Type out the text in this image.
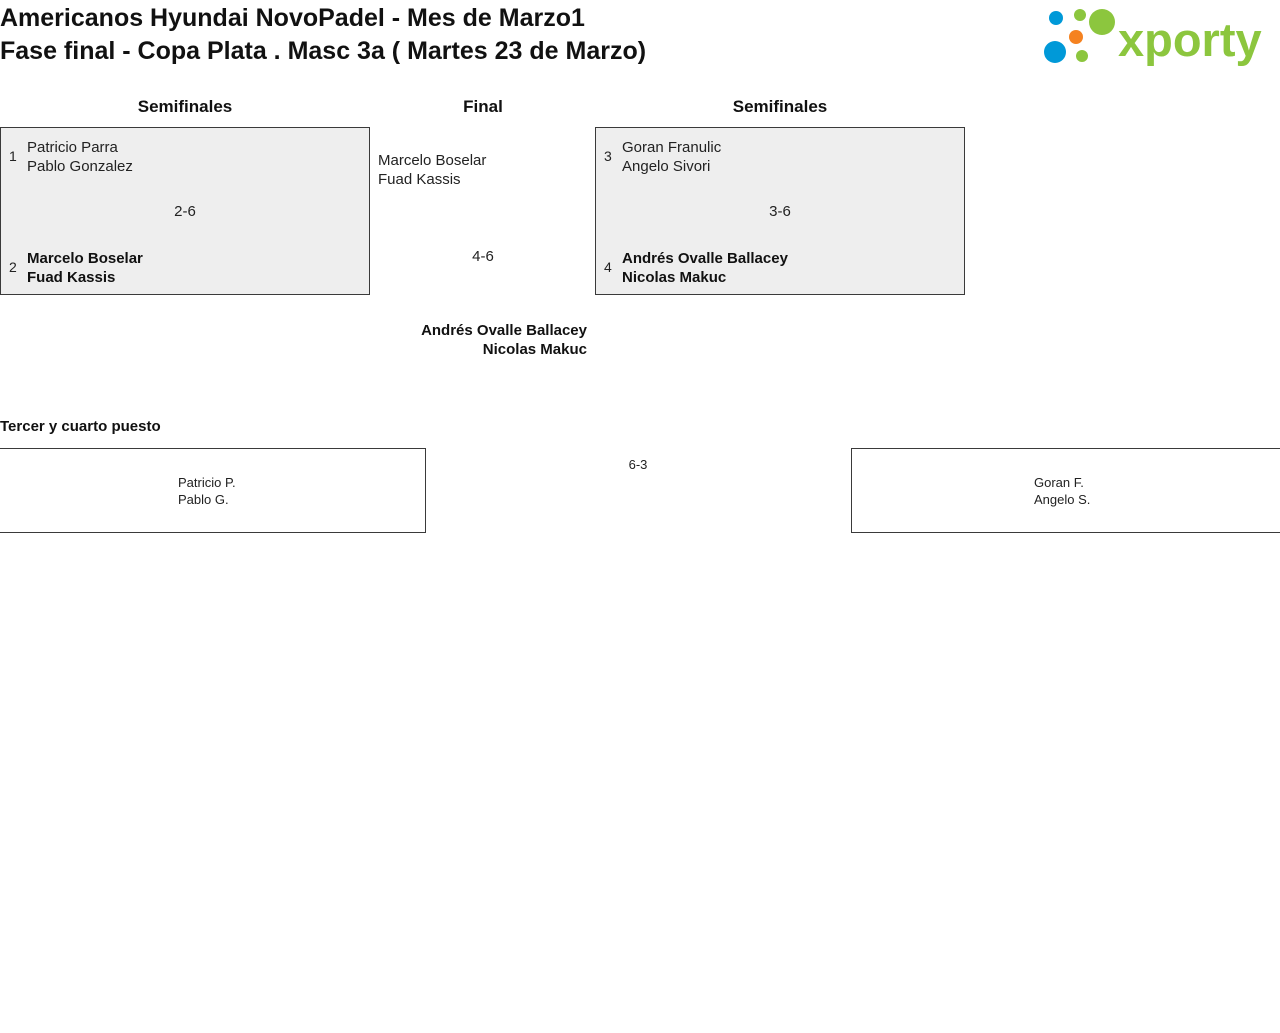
Americanos Hyundai NovoPadel - Mes de Marzo1
Fase final - Copa Plata . Masc 3a ( Martes 23 de Marzo)	xporty
Semifinales	Final	Semifinales
1 Patricio Parra
Pablo Gonzalez
2-6
2 Marcelo Boselar
Fuad Kassis
3 Goran Franulic
Angelo Sivori
3-6
4 Andrés Ovalle Ballacey
Nicolas Makuc
Marcelo Boselar
Fuad Kassis
4-6
Andrés Ovalle Ballacey
Nicolas Makuc
Tercer y cuarto puesto
Patricio P.
Pablo G.
6-3
Goran F.
Angelo S.
